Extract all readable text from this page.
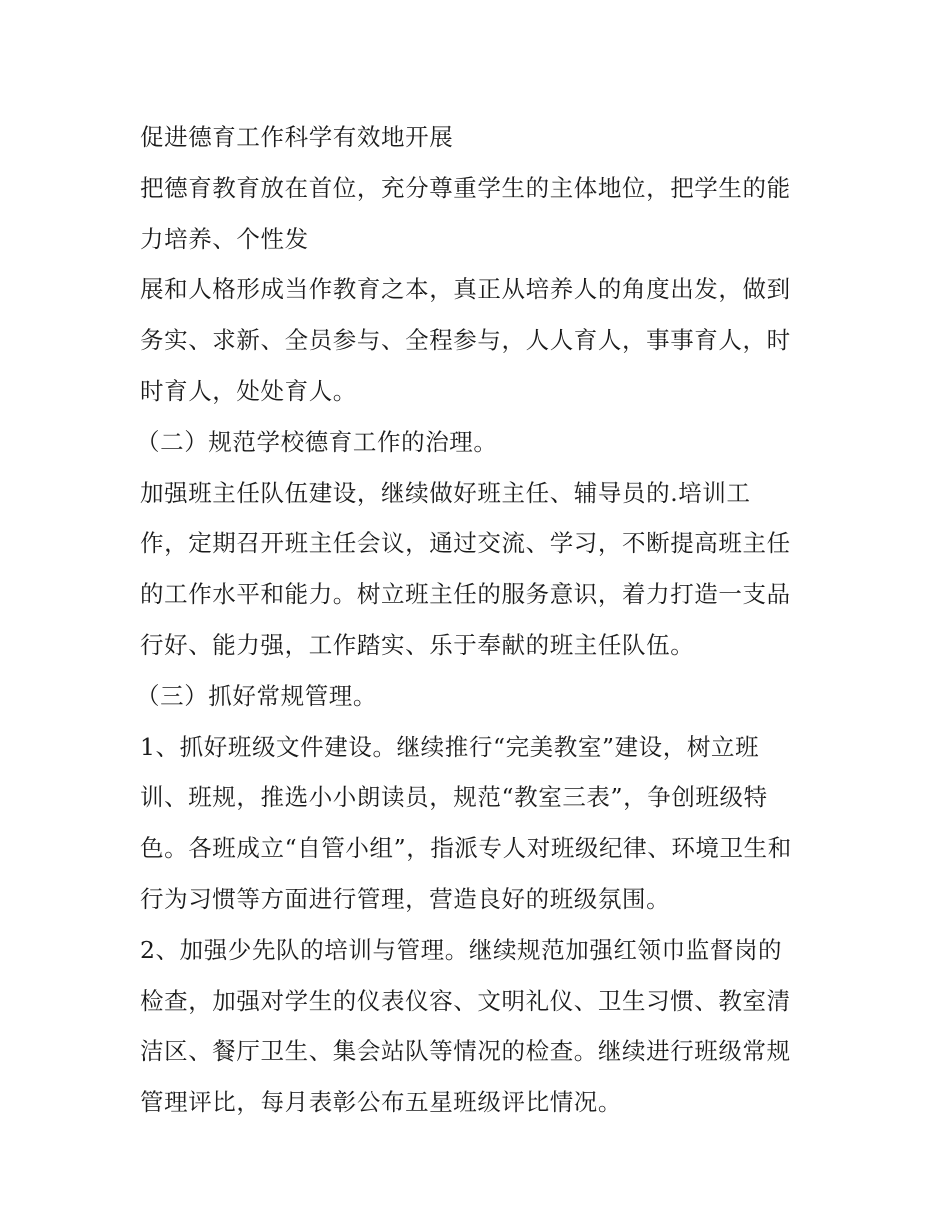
促进德育工作科学有效地开展
把德育教育放在首位，充分尊重学生的主体地位，把学生的能
力培养、个性发
展和人格形成当作教育之本，真正从培养人的角度出发，做到
务实、求新、全员参与、全程参与，人人育人，事事育人，时
时育人，处处育人。
（二）规范学校德育工作的治理。
加强班主任队伍建设，继续做好班主任、辅导员的.培训工
作，定期召开班主任会议，通过交流、学习，不断提高班主任
的工作水平和能力。树立班主任的服务意识，着力打造一支品
行好、能力强，工作踏实、乐于奉献的班主任队伍。
（三）抓好常规管理。
1、抓好班级文件建设。继续推行“完美教室”建设，树立班
训、班规，推选小小朗读员，规范“教室三表”，争创班级特
色。各班成立“自管小组”，指派专人对班级纪律、环境卫生和
行为习惯等方面进行管理，营造良好的班级氛围。
2、加强少先队的培训与管理。继续规范加强红领巾监督岗的
检查，加强对学生的仪表仪容、文明礼仪、卫生习惯、教室清
洁区、餐厅卫生、集会站队等情况的检查。继续进行班级常规
管理评比，每月表彰公布五星班级评比情况。
